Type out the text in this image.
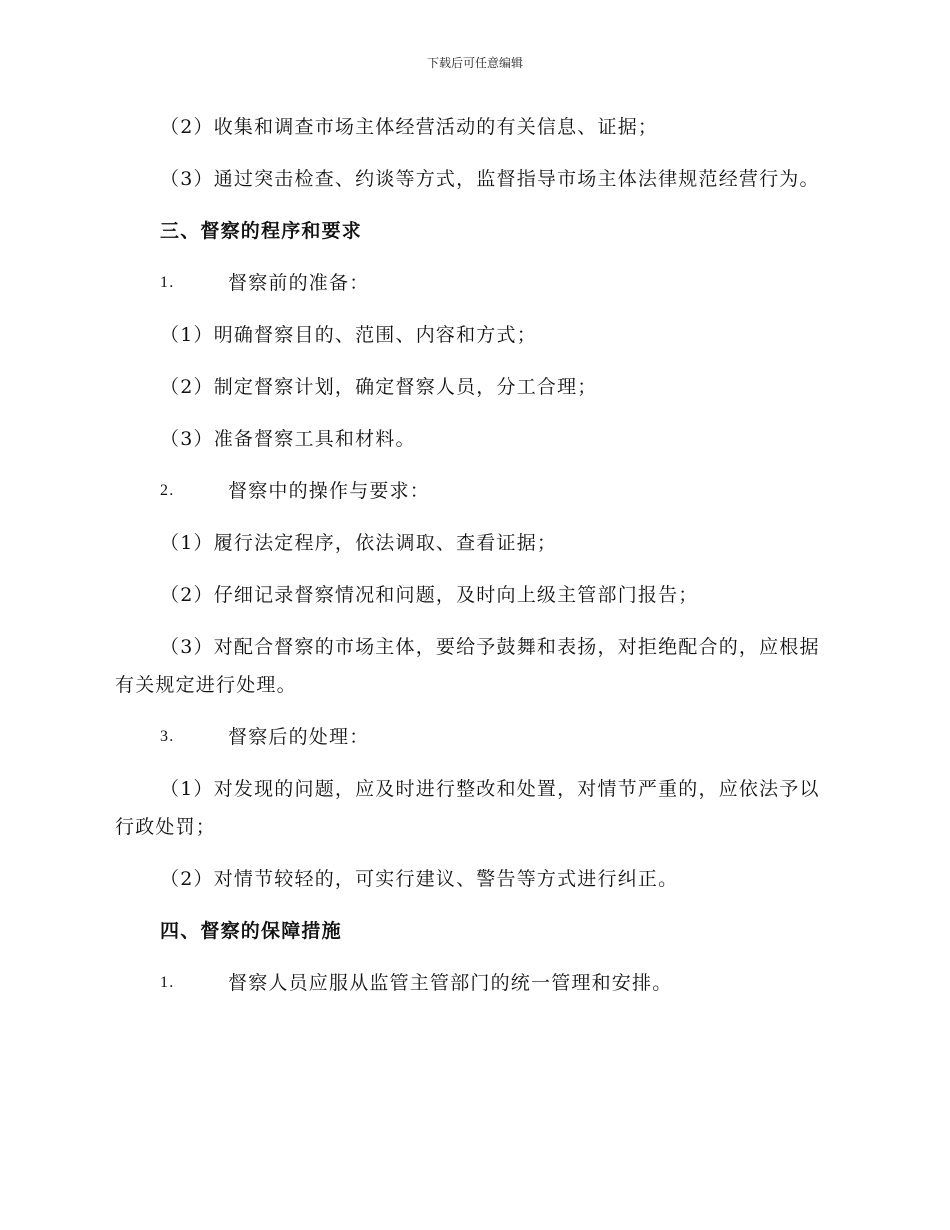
下载后可任意编辑

（2）收集和调查市场主体经营活动的有关信息、证据；

（3）通过突击检查、约谈等方式，监督指导市场主体法律规范经营行为。

三、督察的程序和要求

1.	督察前的准备：

（1）明确督察目的、范围、内容和方式；

（2）制定督察计划，确定督察人员，分工合理；

（3）准备督察工具和材料。

2.	督察中的操作与要求：

（1）履行法定程序，依法调取、查看证据；

（2）仔细记录督察情况和问题，及时向上级主管部门报告；

（3）对配合督察的市场主体，要给予鼓舞和表扬，对拒绝配合的，应根据有关规定进行处理。

3.	督察后的处理：

（1）对发现的问题，应及时进行整改和处置，对情节严重的，应依法予以行政处罚；

（2）对情节较轻的，可实行建议、警告等方式进行纠正。

四、督察的保障措施

1.	督察人员应服从监管主管部门的统一管理和安排。
